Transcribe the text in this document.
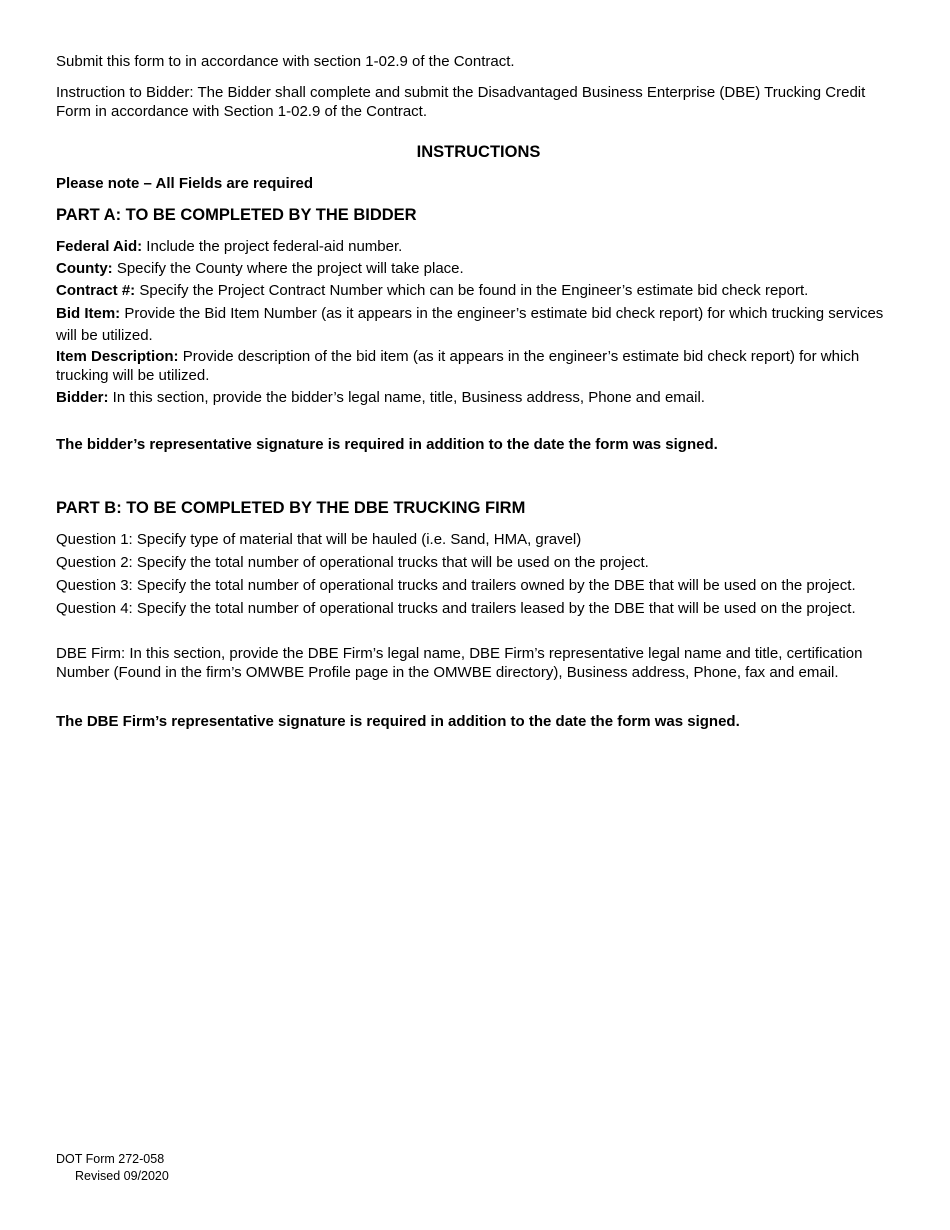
Submit this form to in accordance with section 1-02.9 of the Contract.

Instruction to Bidder: The Bidder shall complete and submit the Disadvantaged Business Enterprise (DBE) Trucking Credit Form in accordance with Section 1-02.9 of the Contract.

INSTRUCTIONS

Please note – All Fields are required

PART A: TO BE COMPLETED BY THE BIDDER

Federal Aid: Include the project federal-aid number.

County: Specify the County where the project will take place.

Contract #: Specify the Project Contract Number which can be found in the Engineer’s estimate bid check report.

Bid Item: Provide the Bid Item Number (as it appears in the engineer’s estimate bid check report) for which trucking services will be utilized.

Item Description: Provide description of the bid item (as it appears in the engineer’s estimate bid check report) for which trucking will be utilized.

Bidder: In this section, provide the bidder’s legal name, title, Business address, Phone and email.

The bidder’s representative signature is required in addition to the date the form was signed.

PART B: TO BE COMPLETED BY THE DBE TRUCKING FIRM

Question 1: Specify type of material that will be hauled (i.e. Sand, HMA, gravel)

Question 2: Specify the total number of operational trucks that will be used on the project.

Question 3: Specify the total number of operational trucks and trailers owned by the DBE that will be used on the project.

Question 4: Specify the total number of operational trucks and trailers leased by the DBE that will be used on the project.

DBE Firm: In this section, provide the DBE Firm’s legal name, DBE Firm’s representative legal name and title, certification Number (Found in the firm’s OMWBE Profile page in the OMWBE directory), Business address, Phone, fax and email.

The DBE Firm’s representative signature is required in addition to the date the form was signed.

DOT Form 272-058
Revised 09/2020
